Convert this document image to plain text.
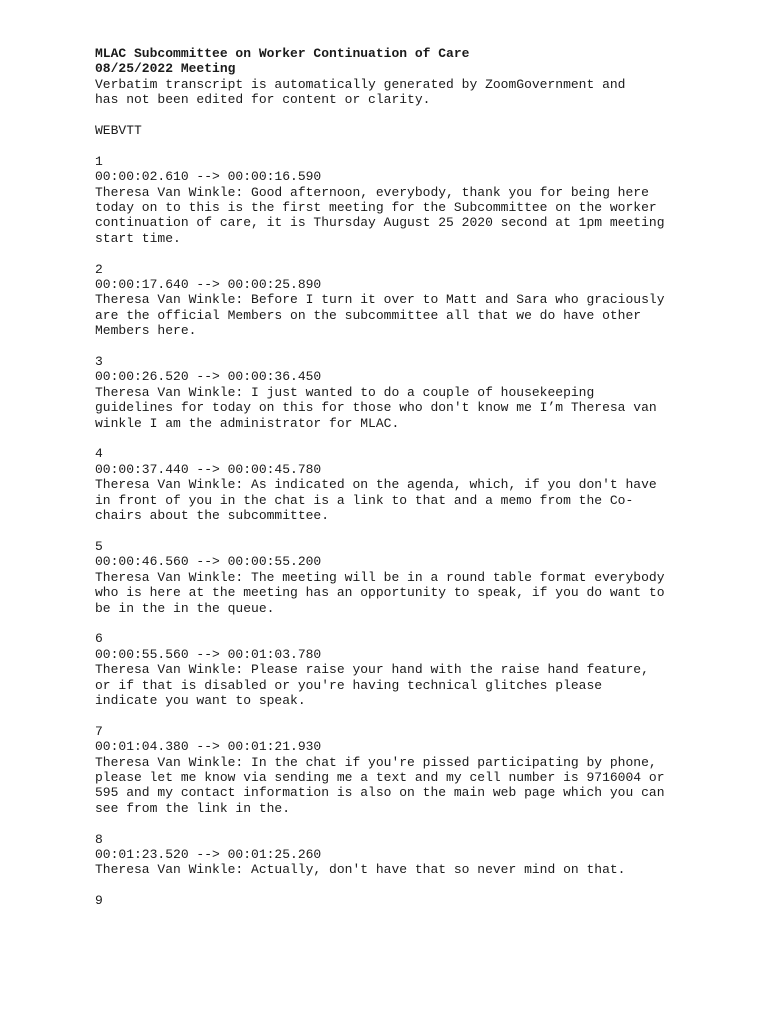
MLAC Subcommittee on Worker Continuation of Care
08/25/2022 Meeting
Verbatim transcript is automatically generated by ZoomGovernment and
has not been edited for content or clarity.
WEBVTT
1
00:00:02.610 --> 00:00:16.590
Theresa Van Winkle: Good afternoon, everybody, thank you for being here
today on to this is the first meeting for the Subcommittee on the worker
continuation of care, it is Thursday August 25 2020 second at 1pm meeting
start time.
2
00:00:17.640 --> 00:00:25.890
Theresa Van Winkle: Before I turn it over to Matt and Sara who graciously
are the official Members on the subcommittee all that we do have other
Members here.
3
00:00:26.520 --> 00:00:36.450
Theresa Van Winkle: I just wanted to do a couple of housekeeping
guidelines for today on this for those who don't know me I’m Theresa van
winkle I am the administrator for MLAC.
4
00:00:37.440 --> 00:00:45.780
Theresa Van Winkle: As indicated on the agenda, which, if you don't have
in front of you in the chat is a link to that and a memo from the Co-
chairs about the subcommittee.
5
00:00:46.560 --> 00:00:55.200
Theresa Van Winkle: The meeting will be in a round table format everybody
who is here at the meeting has an opportunity to speak, if you do want to
be in the in the queue.
6
00:00:55.560 --> 00:01:03.780
Theresa Van Winkle: Please raise your hand with the raise hand feature,
or if that is disabled or you're having technical glitches please
indicate you want to speak.
7
00:01:04.380 --> 00:01:21.930
Theresa Van Winkle: In the chat if you're pissed participating by phone,
please let me know via sending me a text and my cell number is 9716004 or
595 and my contact information is also on the main web page which you can
see from the link in the.
8
00:01:23.520 --> 00:01:25.260
Theresa Van Winkle: Actually, don't have that so never mind on that.
9
